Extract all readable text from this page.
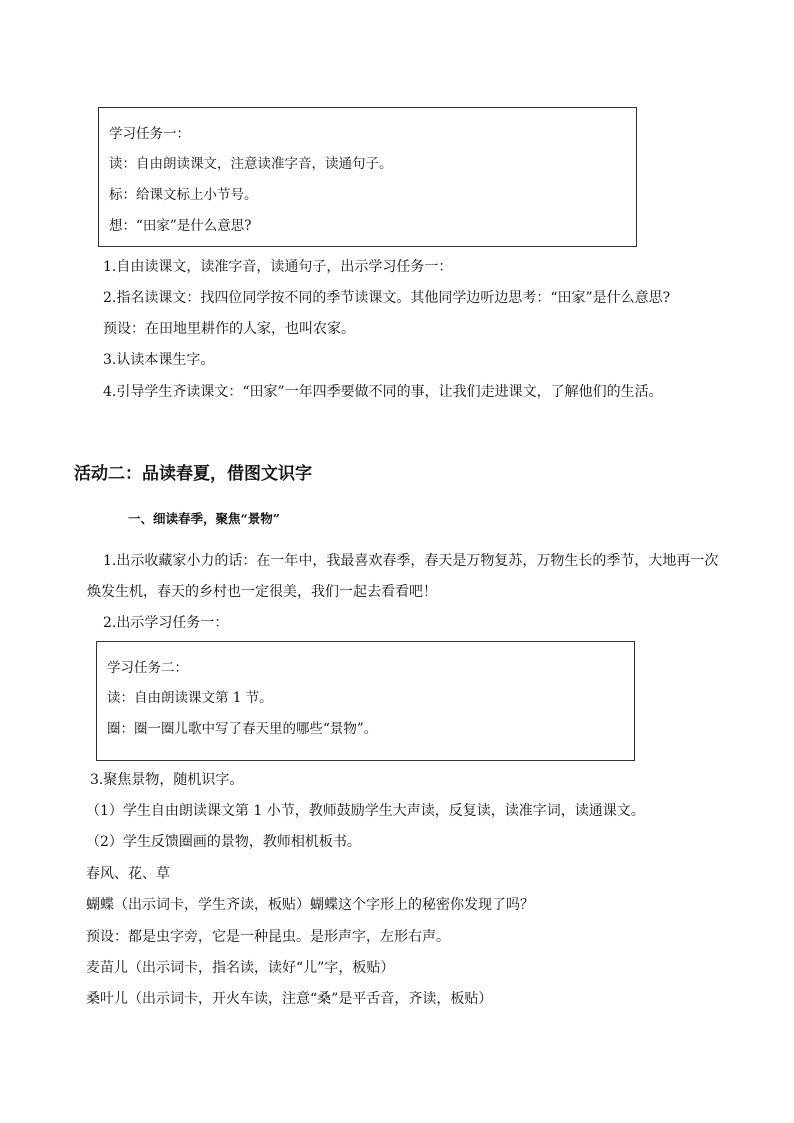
学习任务一：
读：自由朗读课文，注意读准字音，读通句子。
标：给课文标上小节号。
想：“田家”是什么意思?
1.自由读课文，读准字音，读通句子，出示学习任务一：
2.指名读课文：找四位同学按不同的季节读课文。其他同学边听边思考：“田家”是什么意思?
预设：在田地里耕作的人家，也叫农家。
3.认读本课生字。
4.引导学生齐读课文：“田家”一年四季要做不同的事，让我们走进课文，了解他们的生活。
活动二：品读春夏，借图文识字
一、细读春季，聚焦“景物”
1.出示收藏家小力的话：在一年中，我最喜欢春季，春天是万物复苏，万物生长的季节，大地再一次
焕发生机，春天的乡村也一定很美，我们一起去看看吧！
2.出示学习任务一：
学习任务二：
读：自由朗读课文第 1 节。
圈：圈一圈儿歌中写了春天里的哪些“景物”。
3.聚焦景物，随机识字。
（1）学生自由朗读课文第 1 小节，教师鼓励学生大声读，反复读，读准字词，读通课文。
（2）学生反馈圈画的景物，教师相机板书。
春风、花、草
蝴蝶（出示词卡，学生齐读，板贴）蝴蝶这个字形上的秘密你发现了吗？
预设：都是虫字旁，它是一种昆虫。是形声字，左形右声。
麦苗儿（出示词卡，指名读，读好“儿”字，板贴）
桑叶儿（出示词卡，开火车读，注意“桑”是平舌音，齐读，板贴）
